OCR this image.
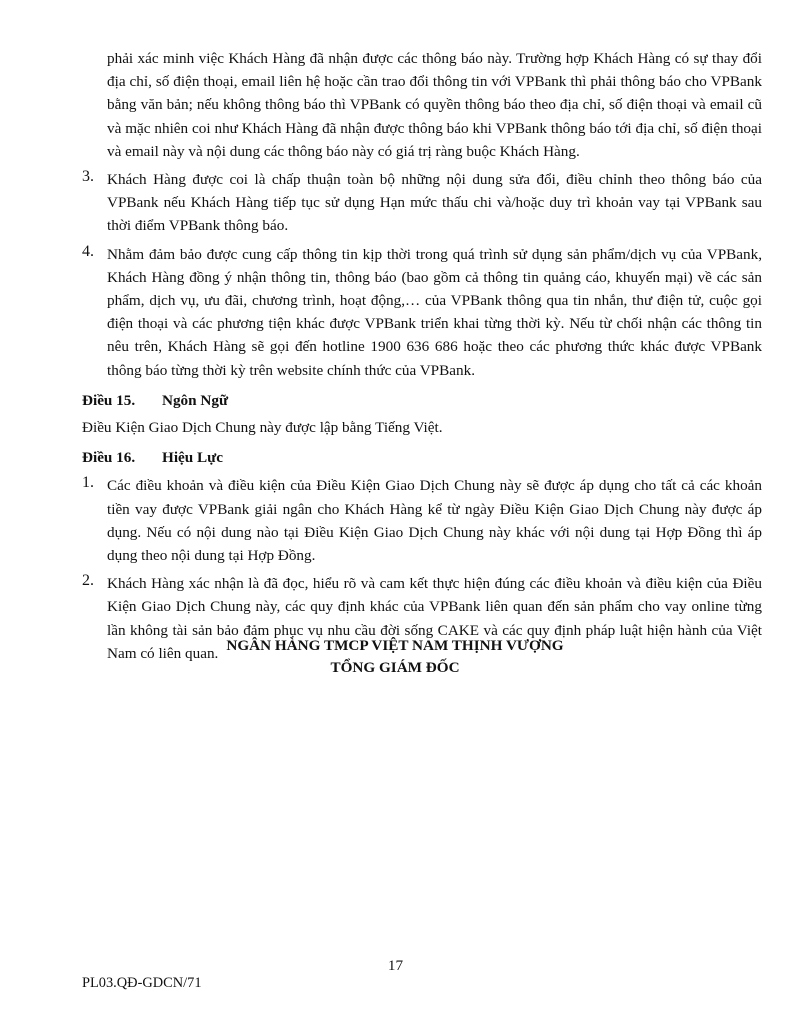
phải xác minh việc Khách Hàng đã nhận được các thông báo này. Trường hợp Khách Hàng có sự thay đổi địa chỉ, số điện thoại, email liên hệ hoặc cần trao đổi thông tin với VPBank thì phải thông báo cho VPBank bằng văn bản; nếu không thông báo thì VPBank có quyền thông báo theo địa chỉ, số điện thoại và email cũ và mặc nhiên coi như Khách Hàng đã nhận được thông báo khi VPBank thông báo tới địa chỉ, số điện thoại và email này và nội dung các thông báo này có giá trị ràng buộc Khách Hàng.

3. Khách Hàng được coi là chấp thuận toàn bộ những nội dung sửa đổi, điều chỉnh theo thông báo của VPBank nếu Khách Hàng tiếp tục sử dụng Hạn mức thấu chi và/hoặc duy trì khoản vay tại VPBank sau thời điểm VPBank thông báo.

4. Nhằm đảm bảo được cung cấp thông tin kịp thời trong quá trình sử dụng sản phẩm/dịch vụ của VPBank, Khách Hàng đồng ý nhận thông tin, thông báo (bao gồm cả thông tin quảng cáo, khuyến mại) về các sản phẩm, dịch vụ, ưu đãi, chương trình, hoạt động,… của VPBank thông qua tin nhắn, thư điện tử, cuộc gọi điện thoại và các phương tiện khác được VPBank triển khai từng thời kỳ. Nếu từ chối nhận các thông tin nêu trên, Khách Hàng sẽ gọi đến hotline 1900 636 686 hoặc theo các phương thức khác được VPBank thông báo từng thời kỳ trên website chính thức của VPBank.

Điều 15.	Ngôn Ngữ

Điều Kiện Giao Dịch Chung này được lập bằng Tiếng Việt.

Điều 16.	Hiệu Lực
1. Các điều khoản và điều kiện của Điều Kiện Giao Dịch Chung này sẽ được áp dụng cho tất cả các khoản tiền vay được VPBank giải ngân cho Khách Hàng kể từ ngày Điều Kiện Giao Dịch Chung này được áp dụng. Nếu có nội dung nào tại Điều Kiện Giao Dịch Chung này khác với nội dung tại Hợp Đồng thì áp dụng theo nội dung tại Hợp Đồng.

2. Khách Hàng xác nhận là đã đọc, hiểu rõ và cam kết thực hiện đúng các điều khoản và điều kiện của Điều Kiện Giao Dịch Chung này, các quy định khác của VPBank liên quan đến sản phẩm cho vay online từng lần không tài sản bảo đảm phục vụ nhu cầu đời sống CAKE và các quy định pháp luật hiện hành của Việt Nam có liên quan. NGÂN HÀNG TMCP VIỆT NAM THỊNH VƯỢNG
TỔNG GIÁM ĐỐC
17
PL03.QĐ-GDCN/71
